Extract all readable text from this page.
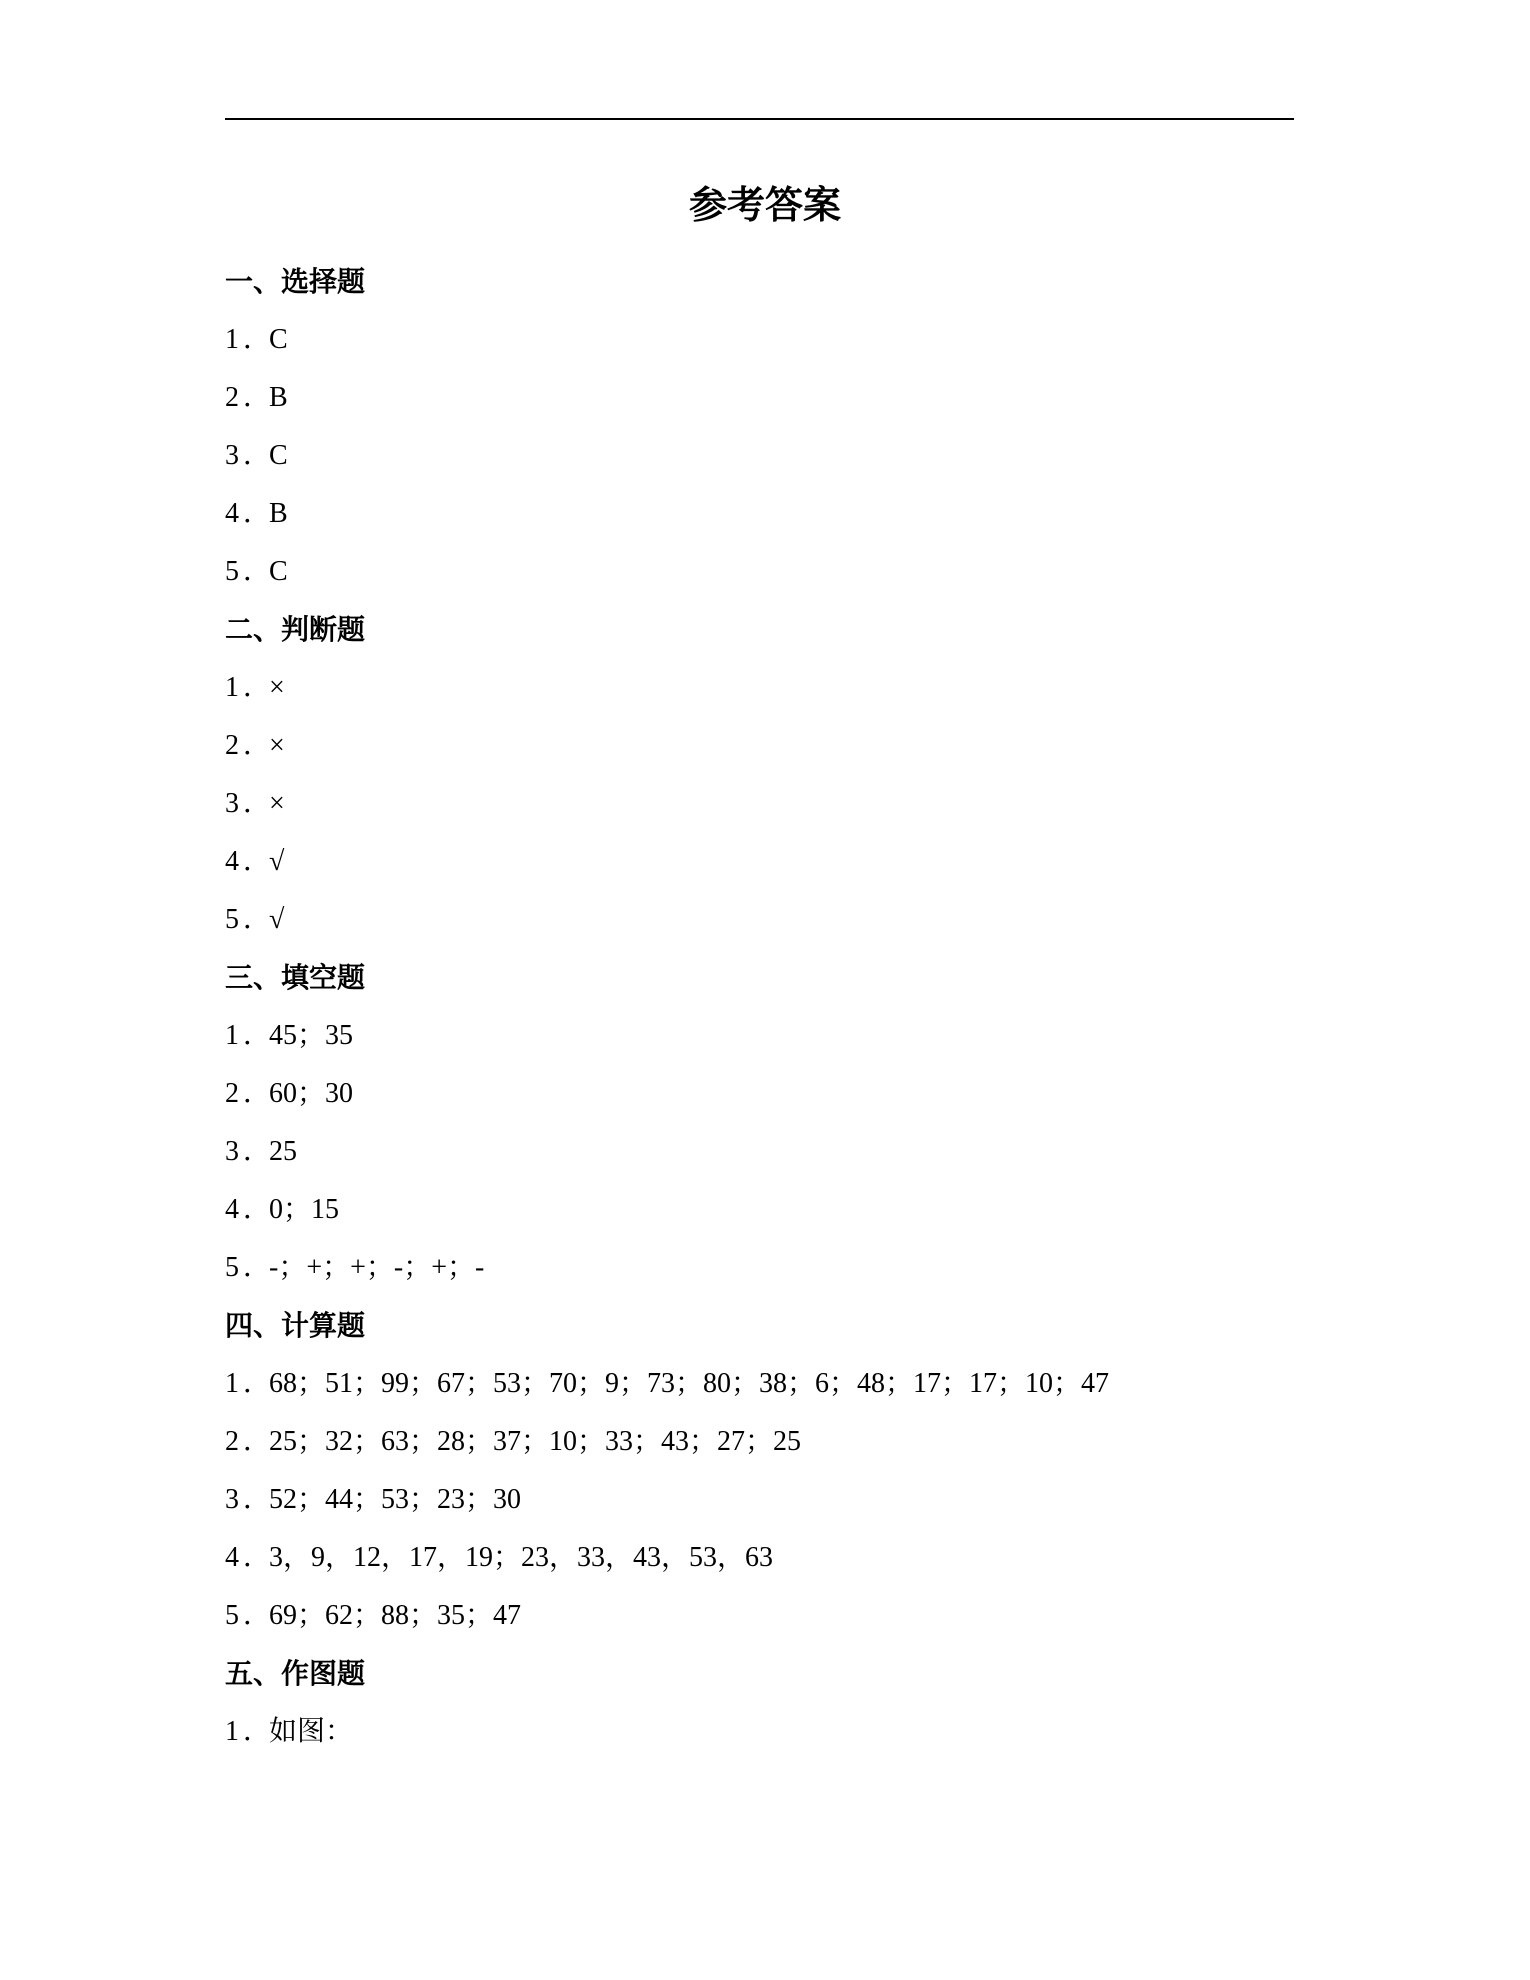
参考答案
一、选择题
1 ．C
2 ．B
3 ．C
4 ．B
5 ．C
二、判断题
1 ．×
2 ．×
3 ．×
4 ．√
5 ．√
三、填空题
1 ．45；35
2 ．60；30
3 ．25
4 ．0；15
5 ．-；+；+；-；+；-
四、计算题
1 ．68；51；99；67；53；70；9；73；80；38；6；48；17；17；10；47
2 ．25；32；63；28；37；10；33；43；27；25
3 ．52；44；53；23；30
4 ．3，9，12，17，19；23，33，43，53，63
5 ．69；62；88；35；47
五、作图题
1 ．如图：
